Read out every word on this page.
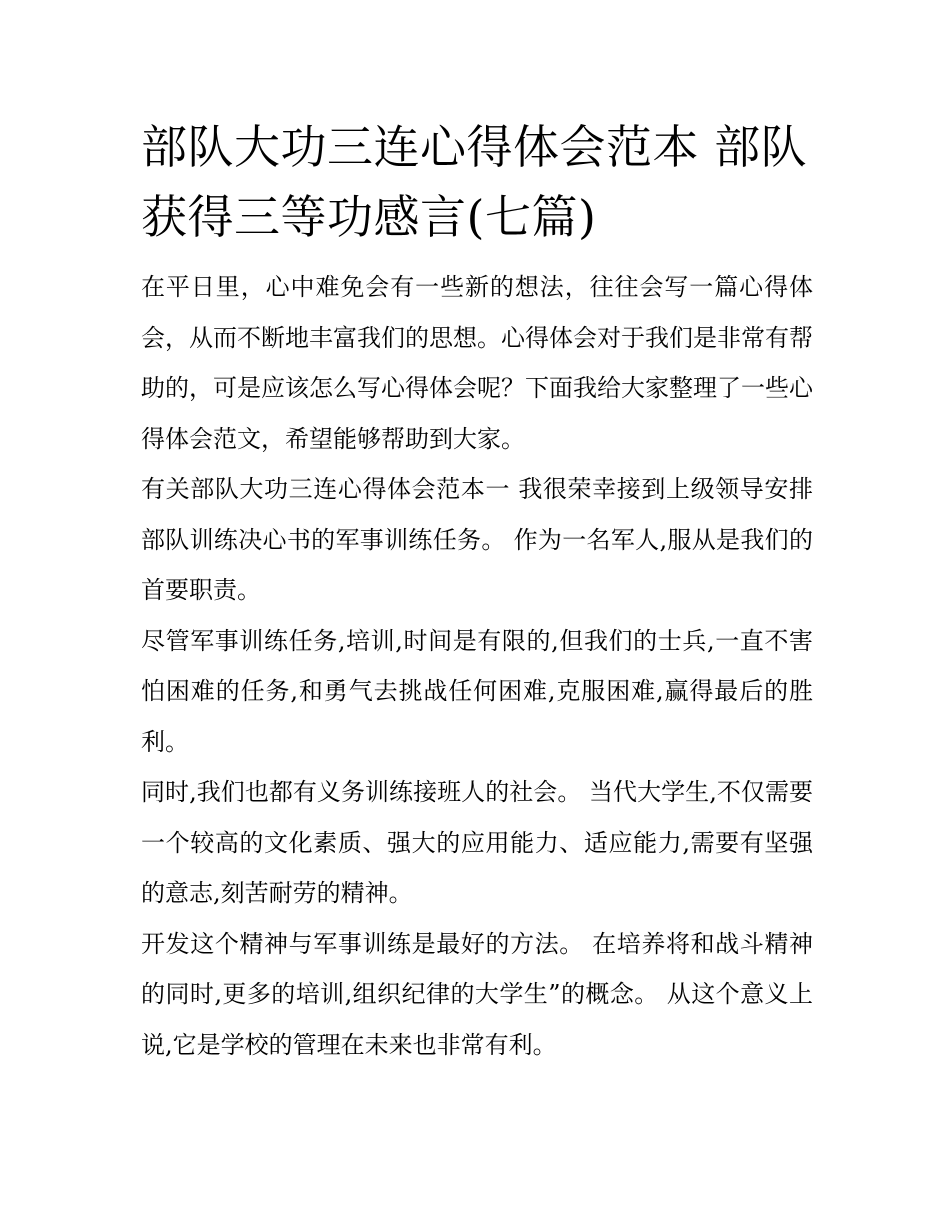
部队大功三连心得体会范本 部队获得三等功感言(七篇)

在平日里，心中难免会有一些新的想法，往往会写一篇心得体会，从而不断地丰富我们的思想。心得体会对于我们是非常有帮助的，可是应该怎么写心得体会呢？下面我给大家整理了一些心得体会范文，希望能够帮助到大家。

有关部队大功三连心得体会范本一 我很荣幸接到上级领导安排部队训练决心书的军事训练任务。 作为一名军人,服从是我们的首要职责。

尽管军事训练任务,培训,时间是有限的,但我们的士兵,一直不害怕困难的任务,和勇气去挑战任何困难,克服困难,赢得最后的胜利。

同时,我们也都有义务训练接班人的社会。 当代大学生,不仅需要一个较高的文化素质、强大的应用能力、适应能力,需要有坚强的意志,刻苦耐劳的精神。

开发这个精神与军事训练是最好的方法。 在培养将和战斗精神的同时,更多的培训,组织纪律的大学生”的概念。 从这个意义上说,它是学校的管理在未来也非常有利。
